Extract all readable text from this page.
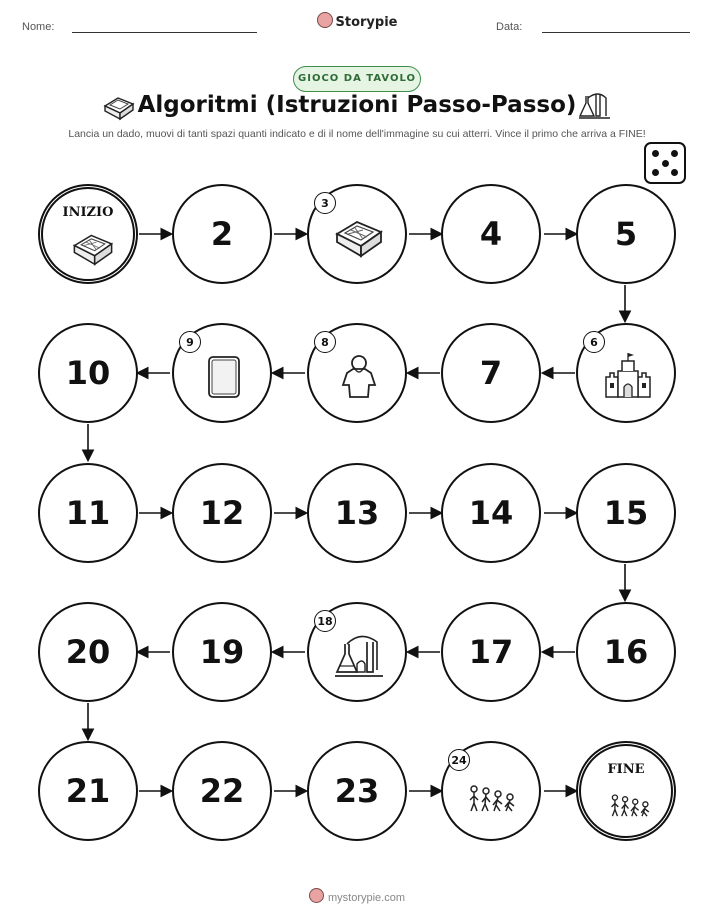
Nome:	Storypie	Data:
GIOCO DA TAVOLO
Algoritmi (Istruzioni Passo-Passo)
Lancia un dado, muovi di tanti spazi quanti indicato e di il nome dell'immagine su cui atterri. Vince il primo che arriva a FINE!
INIZIO
2
3
4	5
10
9	8
7
6
11	12	13	14	15
20	19
18
17	16
21	22	23
24
FINE
mystorypie.com
